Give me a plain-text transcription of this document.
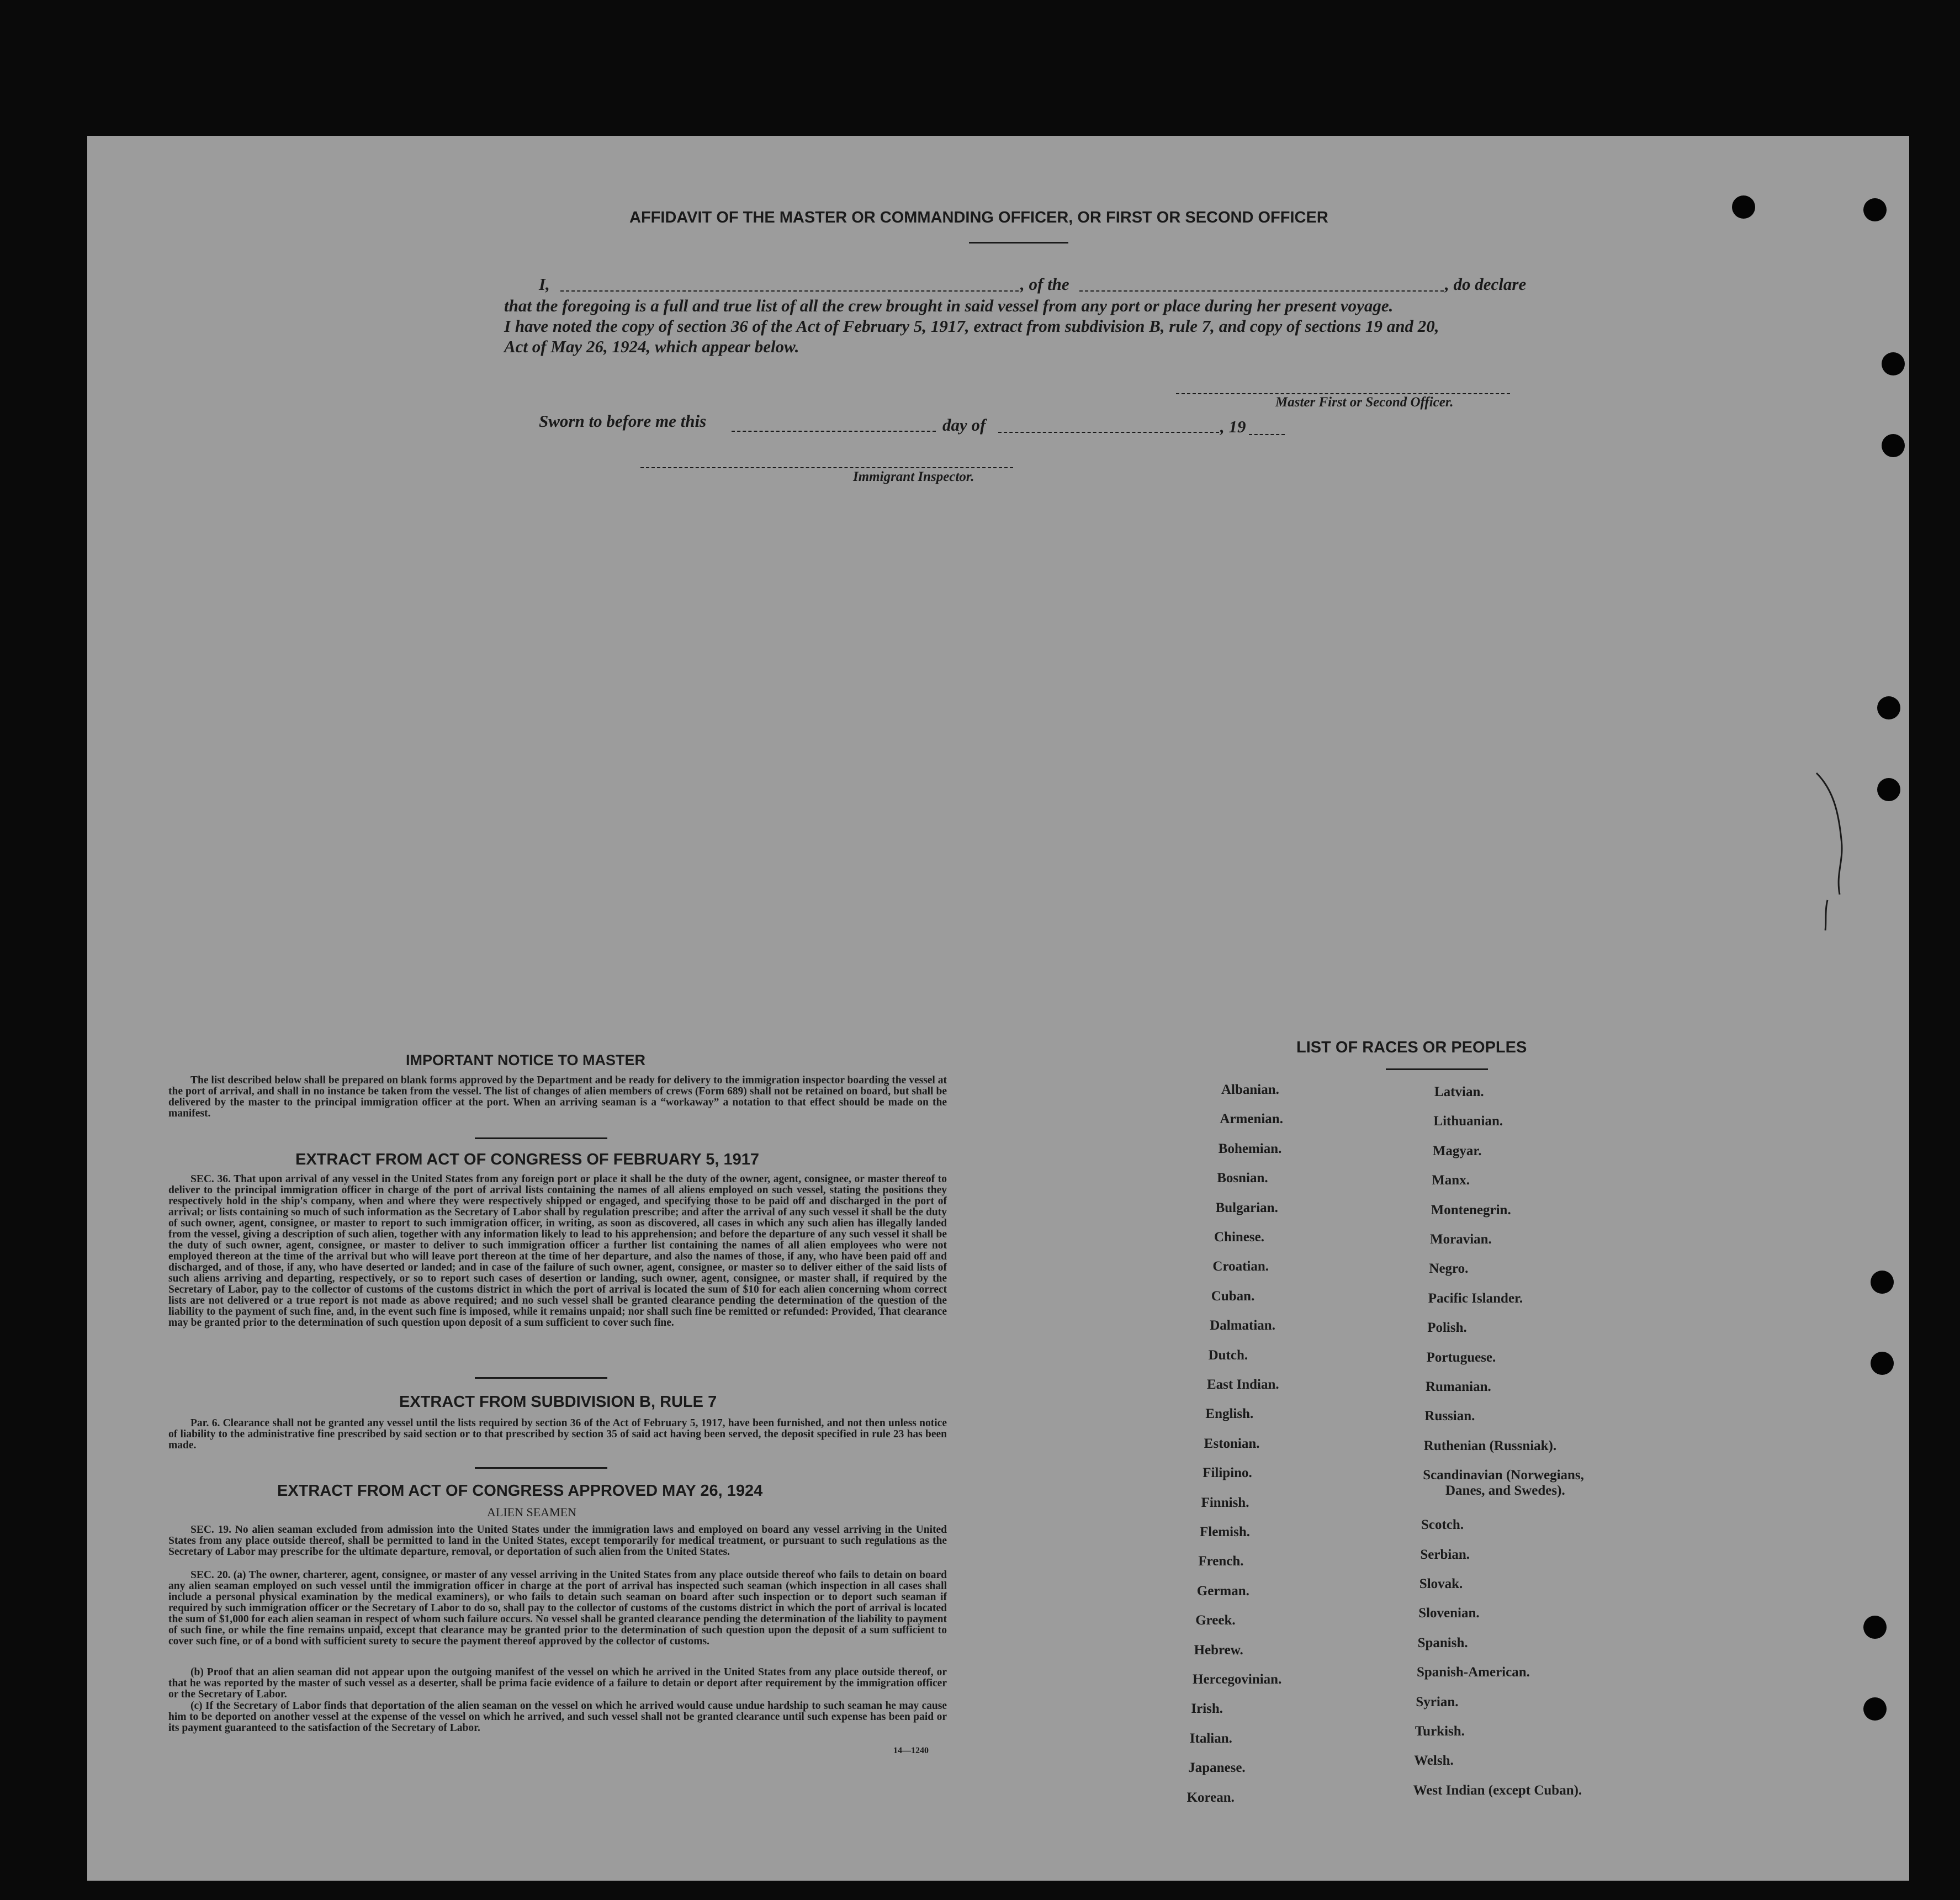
AFFIDAVIT OF THE MASTER OR COMMANDING OFFICER, OR FIRST OR SECOND OFFICER
I,	, of the	, do declare
that the foregoing is a full and true list of all the crew brought in said vessel from any port or place during her present voyage.
I have noted the copy of section 36 of the Act of February 5, 1917, extract from subdivision B, rule 7, and copy of sections 19 and 20,
Act of May 26, 1924, which appear below.
Master First or Second Officer.
Sworn to before me this	day of	, 19
Immigrant Inspector.
IMPORTANT NOTICE TO MASTER
The list described below shall be prepared on blank forms approved by the Department and be ready for delivery to the immigration inspector boarding the vessel at the port of arrival, and shall in no instance be taken from the vessel. The list of changes of alien members of crews (Form 689) shall not be retained on board, but shall be delivered by the master to the principal immigration officer at the port. When an arriving seaman is a “workaway” a notation to that effect should be made on the manifest.
EXTRACT FROM ACT OF CONGRESS OF FEBRUARY 5, 1917
SEC. 36. That upon arrival of any vessel in the United States from any foreign port or place it shall be the duty of the owner, agent, consignee, or master thereof to deliver to the principal immigration officer in charge of the port of arrival lists containing the names of all aliens employed on such vessel, stating the positions they respectively hold in the ship's company, when and where they were respectively shipped or engaged, and specifying those to be paid off and discharged in the port of arrival; or lists containing so much of such information as the Secretary of Labor shall by regulation prescribe; and after the arrival of any such vessel it shall be the duty of such owner, agent, consignee, or master to report to such immigration officer, in writing, as soon as discovered, all cases in which any such alien has illegally landed from the vessel, giving a description of such alien, together with any information likely to lead to his apprehension; and before the departure of any such vessel it shall be the duty of such owner, agent, consignee, or master to deliver to such immigration officer a further list containing the names of all alien employees who were not employed thereon at the time of the arrival but who will leave port thereon at the time of her departure, and also the names of those, if any, who have been paid off and discharged, and of those, if any, who have deserted or landed; and in case of the failure of such owner, agent, consignee, or master so to deliver either of the said lists of such aliens arriving and departing, respectively, or so to report such cases of desertion or landing, such owner, agent, consignee, or master shall, if required by the Secretary of Labor, pay to the collector of customs of the customs district in which the port of arrival is located the sum of $10 for each alien concerning whom correct lists are not delivered or a true report is not made as above required; and no such vessel shall be granted clearance pending the determination of the question of the liability to the payment of such fine, and, in the event such fine is imposed, while it remains unpaid; nor shall such fine be remitted or refunded: Provided, That clearance may be granted prior to the determination of such question upon deposit of a sum sufficient to cover such fine.
EXTRACT FROM SUBDIVISION B, RULE 7
Par. 6. Clearance shall not be granted any vessel until the lists required by section 36 of the Act of February 5, 1917, have been furnished, and not then unless notice of liability to the administrative fine prescribed by said section or to that prescribed by section 35 of said act having been served, the deposit specified in rule 23 has been made.
EXTRACT FROM ACT OF CONGRESS APPROVED MAY 26, 1924
ALIEN SEAMEN
SEC. 19. No alien seaman excluded from admission into the United States under the immigration laws and employed on board any vessel arriving in the United States from any place outside thereof, shall be permitted to land in the United States, except temporarily for medical treatment, or pursuant to such regulations as the Secretary of Labor may prescribe for the ultimate departure, removal, or deportation of such alien from the United States.
SEC. 20. (a) The owner, charterer, agent, consignee, or master of any vessel arriving in the United States from any place outside thereof who fails to detain on board any alien seaman employed on such vessel until the immigration officer in charge at the port of arrival has inspected such seaman (which inspection in all cases shall include a personal physical examination by the medical examiners), or who fails to detain such seaman on board after such inspection or to deport such seaman if required by such immigration officer or the Secretary of Labor to do so, shall pay to the collector of customs of the customs district in which the port of arrival is located the sum of $1,000 for each alien seaman in respect of whom such failure occurs. No vessel shall be granted clearance pending the determination of the liability to payment of such fine, or while the fine remains unpaid, except that clearance may be granted prior to the determination of such question upon the deposit of a sum sufficient to cover such fine, or of a bond with sufficient surety to secure the payment thereof approved by the collector of customs.
(b) Proof that an alien seaman did not appear upon the outgoing manifest of the vessel on which he arrived in the United States from any place outside thereof, or that he was reported by the master of such vessel as a deserter, shall be prima facie evidence of a failure to detain or deport after requirement by the immigration officer or the Secretary of Labor.
(c) If the Secretary of Labor finds that deportation of the alien seaman on the vessel on which he arrived would cause undue hardship to such seaman he may cause him to be deported on another vessel at the expense of the vessel on which he arrived, and such vessel shall not be granted clearance until such expense has been paid or its payment guaranteed to the satisfaction of the Secretary of Labor.
14—1240
LIST OF RACES OR PEOPLES
Albanian.
Armenian.
Bohemian.
Bosnian.
Bulgarian.
Chinese.
Croatian.
Cuban.
Dalmatian.
Dutch.
East Indian.
English.
Estonian.
Filipino.
Finnish.
Flemish.
French.
German.
Greek.
Hebrew.
Hercegovinian.
Irish.
Italian.
Japanese.
Korean.
Latvian.
Lithuanian.
Magyar.
Manx.
Montenegrin.
Moravian.
Negro.
Pacific Islander.
Polish.
Portuguese.
Rumanian.
Russian.
Ruthenian (Russniak).
Scandinavian (Norwegians,
Danes, and Swedes).
Scotch.
Serbian.
Slovak.
Slovenian.
Spanish.
Spanish-American.
Syrian.
Turkish.
Welsh.
West Indian (except Cuban).
